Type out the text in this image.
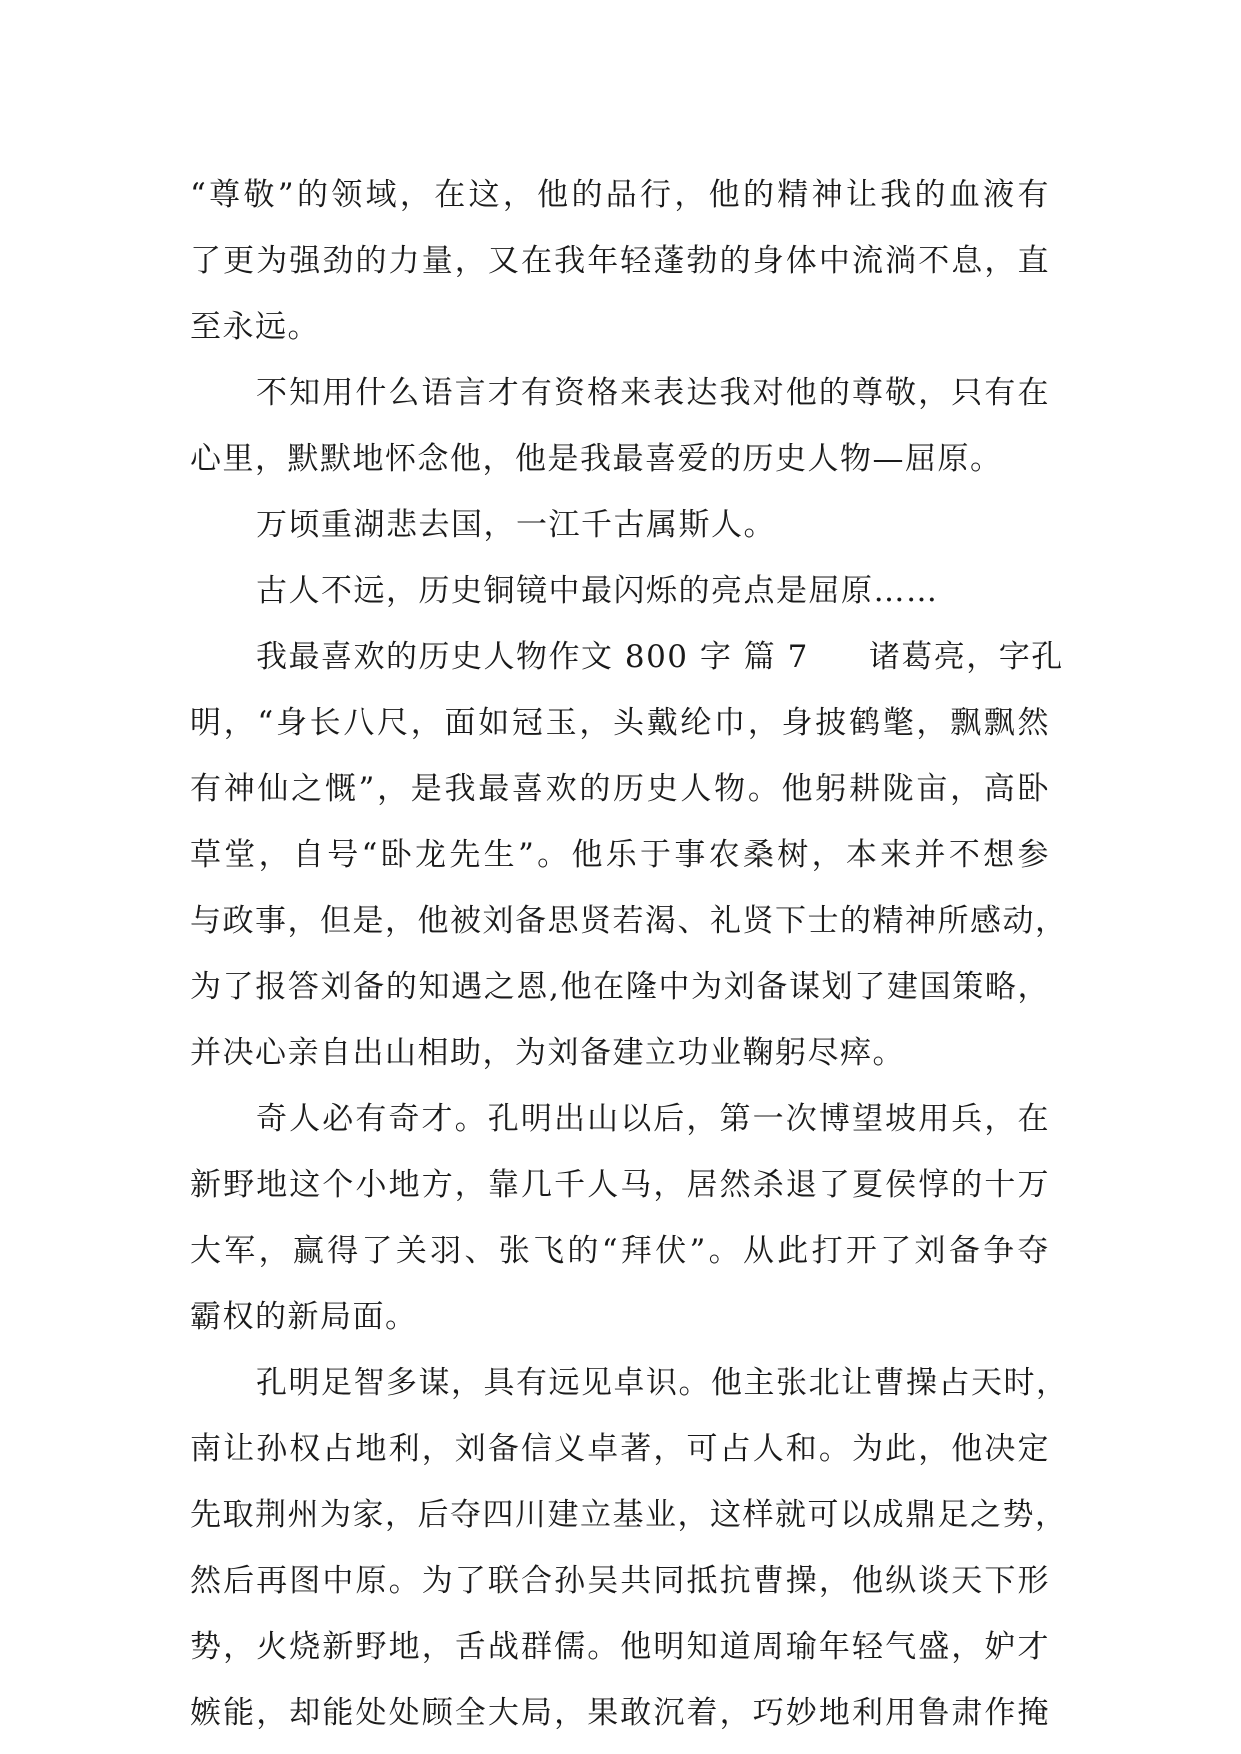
“尊敬”的领域，在这，他的品行，他的精神让我的血液有
了更为强劲的力量，又在我年轻蓬勃的身体中流淌不息，直
至永远。
不知用什么语言才有资格来表达我对他的尊敬，只有在
心里，默默地怀念他，他是我最喜爱的历史人物—屈原。
万顷重湖悲去国，一江千古属斯人。
古人不远，历史铜镜中最闪烁的亮点是屈原……
我最喜欢的历史人物作文 800 字 篇 7 诸葛亮，字孔
明，“身长八尺，面如冠玉，头戴纶巾，身披鹤氅，飘飘然
有神仙之慨”，是我最喜欢的历史人物。他躬耕陇亩，高卧
草堂，自号“卧龙先生”。他乐于事农桑树，本来并不想参
与政事，但是，他被刘备思贤若渴、礼贤下士的精神所感动，
为了报答刘备的知遇之恩,他在隆中为刘备谋划了建国策略，
并决心亲自出山相助，为刘备建立功业鞠躬尽瘁。
奇人必有奇才。孔明出山以后，第一次博望坡用兵，在
新野地这个小地方，靠几千人马，居然杀退了夏侯惇的十万
大军，赢得了关羽、张飞的“拜伏”。从此打开了刘备争夺
霸权的新局面。
孔明足智多谋，具有远见卓识。他主张北让曹操占天时，
南让孙权占地利，刘备信义卓著，可占人和。为此，他决定
先取荆州为家，后夺四川建立基业，这样就可以成鼎足之势，
然后再图中原。为了联合孙吴共同抵抗曹操，他纵谈天下形
势，火烧新野地，舌战群儒。他明知道周瑜年轻气盛，妒才
嫉能，却能处处顾全大局，果敢沉着，巧妙地利用鲁肃作掩
